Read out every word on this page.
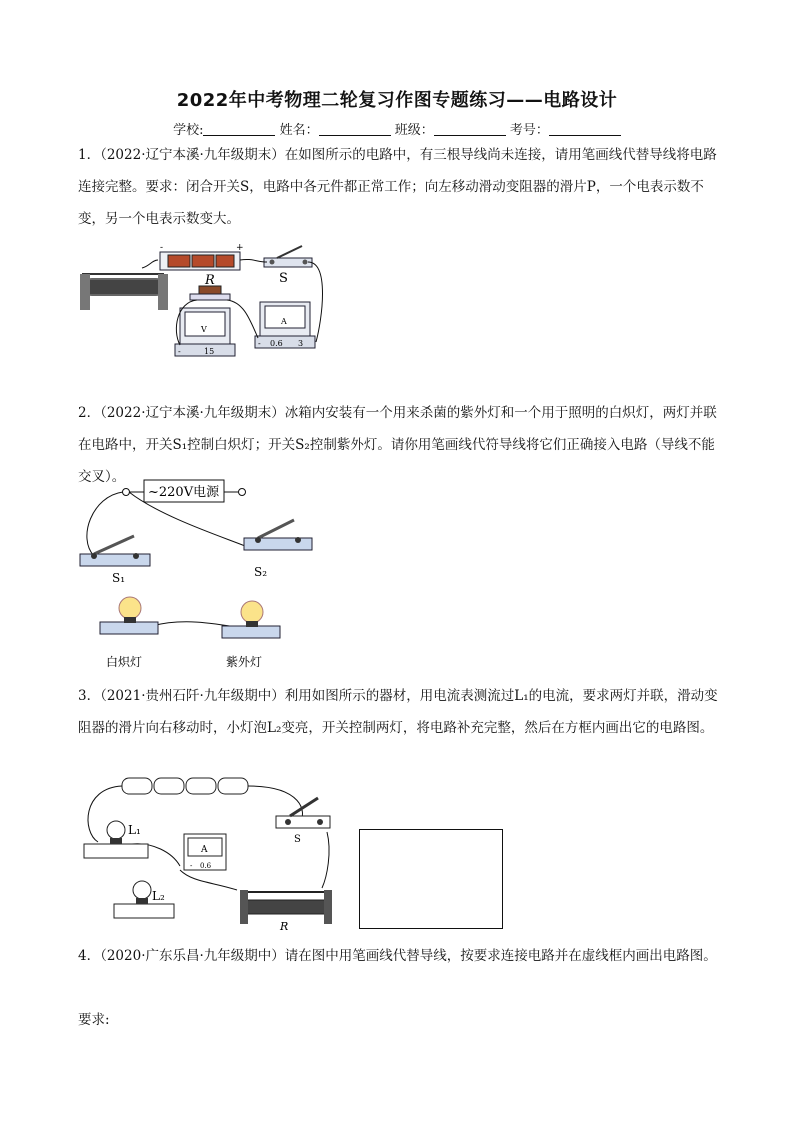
2022年中考物理二轮复习作图专题练习——电路设计
学校:	姓名：	班级：	考号：
1．（2022·辽宁本溪·九年级期末）在如图所示的电路中，有三根导线尚未连接，请用笔画线代替导线将电路连接完整。要求：闭合开关S，电路中各元件都正常工作；向左移动滑动变阻器的滑片P，一个电表示数不变，另一个电表示数变大。
-	+
S
R
V
-	15
A
- 0.6 3
2．（2022·辽宁本溪·九年级期末）冰箱内安装有一个用来杀菌的紫外灯和一个用于照明的白炽灯，两灯并联在电路中，开关S₁控制白炽灯；开关S₂控制紫外灯。请你用笔画线代符导线将它们正确接入电路（导线不能交叉）。
~220V电源
S₁	S₂
白炽灯	紫外灯
3．（2021·贵州石阡·九年级期中）利用如图所示的器材，用电流表测流过L₁的电流，要求两灯并联，滑动变阻器的滑片向右移动时，小灯泡L₂变亮，开关控制两灯，将电路补充完整，然后在方框内画出它的电路图。
L₁
A
- 0.6
S
L₂
R
4．（2020·广东乐昌·九年级期中）请在图中用笔画线代替导线，按要求连接电路并在虚线框内画出电路图。
要求:
